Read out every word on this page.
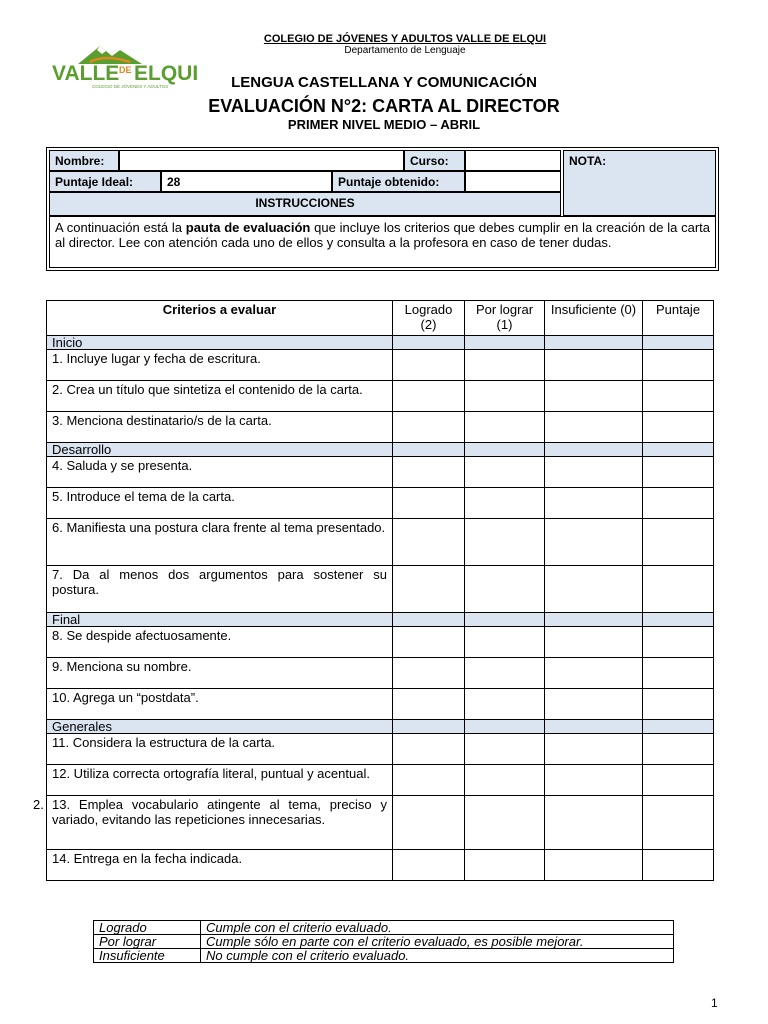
COLEGIO DE JÓVENES Y ADULTOS VALLE DE ELQUI
Departamento de Lenguaje
VALLE DE ELQUI
COLEGIO DE JÓVENES Y ADULTOS	LENGUA CASTELLANA Y COMUNICACIÓN
EVALUACIÓN N°2: CARTA AL DIRECTOR
PRIMER NIVEL MEDIO – ABRIL
Nombre:	Curso:	NOTA:
Puntaje Ideal:	28	Puntaje obtenido:
INSTRUCCIONES
A continuación está la pauta de evaluación que incluye los criterios que debes cumplir en la creación de la carta al director. Lee con atención cada uno de ellos y consulta a la profesora en caso de tener dudas.
Criterios a evaluar	Logrado (2)	Por lograr (1)	Insuficiente (0)	Puntaje
Inicio				
1. Incluye lugar y fecha de escritura.				
2. Crea un título que sintetiza el contenido de la carta.				
3. Menciona destinatario/s de la carta.				
Desarrollo				
4. Saluda y se presenta.				
5. Introduce el tema de la carta.				
6. Manifiesta una postura clara frente al tema presentado.				
7. Da al menos dos argumentos para sostener su postura.				
Final				
8. Se despide afectuosamente.				
9. Menciona su nombre.				
10. Agrega un “postdata”.				
Generales				
11. Considera la estructura de la carta.				
12. Utiliza correcta ortografía literal, puntual y acentual.				
13. Emplea vocabulario atingente al tema, preciso y variado, evitando las repeticiones innecesarias.				
14. Entrega en la fecha indicada.				
2.
Logrado	Cumple con el criterio evaluado.
Por lograr	Cumple sólo en parte con el criterio evaluado, es posible mejorar.
Insuficiente	No cumple con el criterio evaluado.
1
